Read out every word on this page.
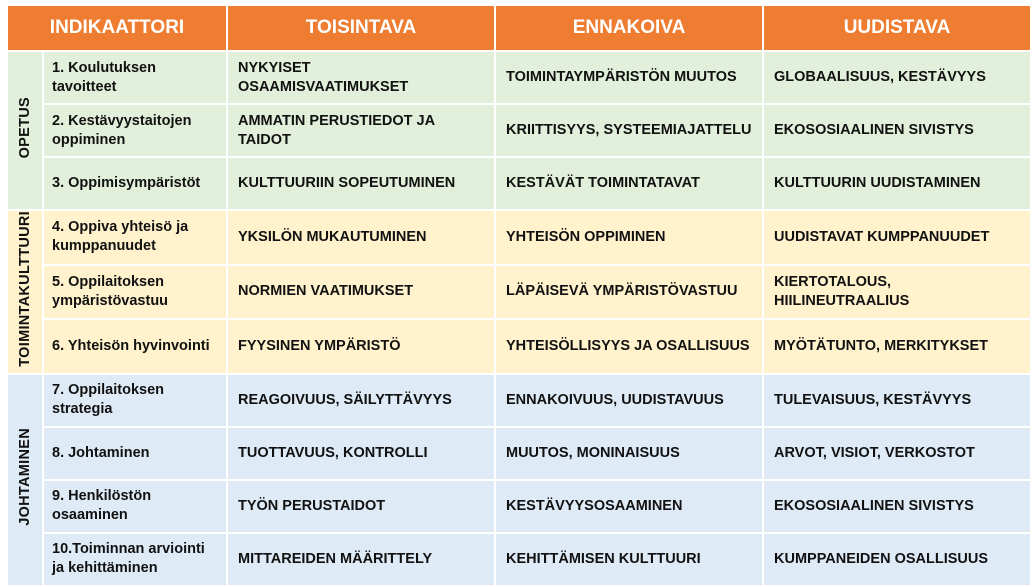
INDIKAATTORI		TOISINTAVA	ENNAKOIVA	UUDISTAVA
OPETUS	1. Koulutuksen tavoitteet	NYKYISET OSAAMISVAATIMUKSET	TOIMINTAYMPÄRISTÖN MUUTOS	GLOBAALISUUS, KESTÄVYYS
	2. Kestävyystaitojen oppiminen	AMMATIN PERUSTIEDOT JA TAIDOT	KRIITTISYYS, SYSTEEMIAJATTELU	EKOSOSIAALINEN SIVISTYS
	3. Oppimisympäristöt	KULTTUURIIN SOPEUTUMINEN	KESTÄVÄT TOIMINTATAVAT	KULTTUURIN UUDISTAMINEN
TOIMINTAKULTTUURI	4. Oppiva yhteisö ja kumppanuudet	YKSILÖN MUKAUTUMINEN	YHTEISÖN OPPIMINEN	UUDISTAVAT KUMPPANUUDET
	5. Oppilaitoksen ympäristövastuu	NORMIEN VAATIMUKSET	LÄPÄISEVÄ YMPÄRISTÖVASTUU	KIERTOTALOUS, HIILINEUTRAALIUS
	6. Yhteisön hyvinvointi	FYYSINEN YMPÄRISTÖ	YHTEISÖLLISYYS JA OSALLISUUS	MYÖTÄTUNTO, MERKITYKSET
JOHTAMINEN	7. Oppilaitoksen strategia	REAGOIVUUS, SÄILYTTÄVYYS	ENNAKOIVUUS, UUDISTAVUUS	TULEVAISUUS, KESTÄVYYS
	8. Johtaminen	TUOTTAVUUS, KONTROLLI	MUUTOS, MONINAISUUS	ARVOT, VISIOT, VERKOSTOT
	9. Henkilöstön osaaminen	TYÖN PERUSTAIDOT	KESTÄVYYSOSAAMINEN	EKOSOSIAALINEN SIVISTYS
	10.Toiminnan arviointi ja kehittäminen	MITTAREIDEN MÄÄRITTELY	KEHITTÄMISEN KULTTUURI	KUMPPANEIDEN OSALLISUUS
